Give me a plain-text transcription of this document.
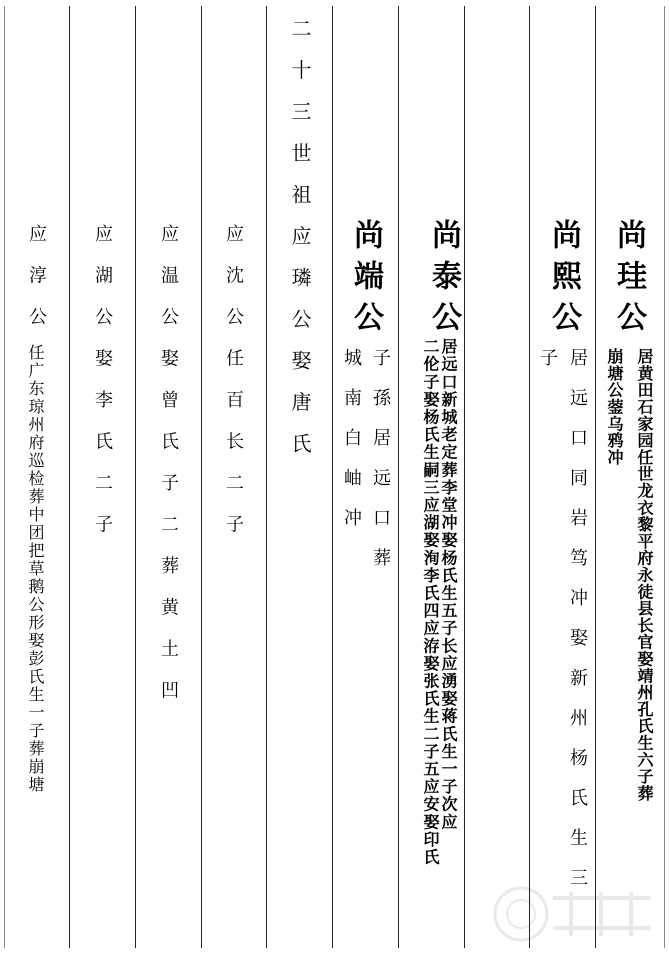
应淳公
任广东琼州府巡检葬中团把草鹅公形娶彭氏生一子葬崩塘	应湖公娶李氏二子	应温公娶曾氏子二葬黄土凹 应沈公任百长二子 二十三世祖应璘公娶唐氏 尚端公
子孫居远口葬
城南白岫冲
尚泰公
居远口新城老定葬李堂冲娶杨氏生五子长应湧娶蒋氏生一子次应
二伦子娶杨氏生嗣三应湖娶洵李氏四应洊娶张氏生二子五应安娶印氏
尚熙公
居远口同岩笃冲娶新州杨氏生三
子
尚珪公
居黄田石家园任世龙衣黎平府永徒县长官娶靖州孔氏生六子葬
崩塘公蓥乌鸦冲
